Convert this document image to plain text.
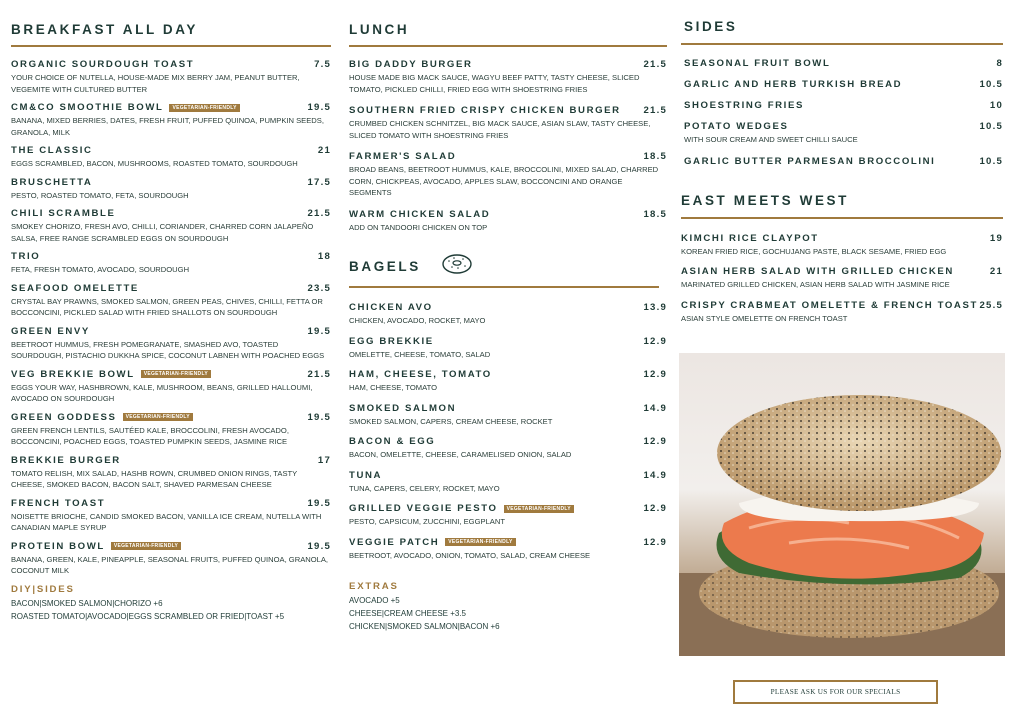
BREAKFAST ALL DAY
ORGANIC SOURDOUGH TOAST	7.5
YOUR CHOICE OF NUTELLA, HOUSE-MADE MIX BERRY JAM, PEANUT BUTTER, VEGEMITE WITH CULTURED BUTTER
CM&CO SMOOTHIE BOWL	VEGETARIAN-FRIENDLY	19.5
BANANA, MIXED BERRIES, DATES, FRESH FRUIT, PUFFED QUINOA, PUMPKIN SEEDS, GRANOLA, MILK
THE CLASSIC	21
EGGS SCRAMBLED, BACON, MUSHROOMS, ROASTED TOMATO, SOURDOUGH
BRUSCHETTA	17.5
PESTO, ROASTED TOMATO, FETA, SOURDOUGH
CHILI SCRAMBLE	21.5
SMOKEY CHORIZO, FRESH AVO, CHILLI, CORIANDER, CHARRED CORN JALAPEÑO SALSA, FREE RANGE SCRAMBLED EGGS ON SOURDOUGH
TRIO	18
FETA, FRESH TOMATO, AVOCADO, SOURDOUGH
SEAFOOD OMELETTE	23.5
CRYSTAL BAY PRAWNS, SMOKED SALMON, GREEN PEAS, CHIVES, CHILLI, FETTA OR BOCCONCINI, PICKLED SALAD WITH FRIED SHALLOTS ON SOURDOUGH
GREEN ENVY	19.5
BEETROOT HUMMUS, FRESH POMEGRANATE, SMASHED AVO, TOASTED SOURDOUGH, PISTACHIO DUKKHA SPICE, COCONUT LABNEH WITH POACHED EGGS
VEG BREKKIE BOWL	VEGETARIAN-FRIENDLY	21.5
EGGS YOUR WAY, HASHBROWN, KALE, MUSHROOM, BEANS, GRILLED HALLOUMI, AVOCADO ON SOURDOUGH
GREEN GODDESS	VEGETARIAN-FRIENDLY	19.5
GREEN FRENCH LENTILS, SAUTÉED KALE, BROCCOLINI, FRESH AVOCADO, BOCCONCINI, POACHED EGGS, TOASTED PUMPKIN SEEDS, JASMINE RICE
BREKKIE BURGER	17
TOMATO RELISH, MIX SALAD, HASHB ROWN, CRUMBED ONION RINGS, TASTY CHEESE, SMOKED BACON, BACON SALT, SHAVED PARMESAN CHEESE
FRENCH TOAST	19.5
NOISETTE BRIOCHE, CANDID SMOKED BACON, VANILLA ICE CREAM, NUTELLA WITH CANADIAN MAPLE SYRUP
PROTEIN BOWL	VEGETARIAN-FRIENDLY	19.5
BANANA, GREEN, KALE, PINEAPPLE, SEASONAL FRUITS, PUFFED QUINOA, GRANOLA, COCONUT MILK
DIY|SIDES
BACON|SMOKED SALMON|CHORIZO +6
ROASTED TOMATO|AVOCADO|EGGS SCRAMBLED OR FRIED|TOAST +5
LUNCH
BIG DADDY BURGER	21.5
HOUSE MADE BIG MACK SAUCE, WAGYU BEEF PATTY, TASTY CHEESE, SLICED TOMATO, PICKLED CHILLI, FRIED EGG WITH SHOESTRING FRIES
SOUTHERN FRIED CRISPY CHICKEN BURGER 21.5
CRUMBED CHICKEN SCHNITZEL, BIG MACK SAUCE, ASIAN SLAW, TASTY CHEESE, SLICED TOMATO WITH SHOESTRING FRIES
FARMER'S SALAD	18.5
BROAD BEANS, BEETROOT HUMMUS, KALE, BROCCOLINI, MIXED SALAD, CHARRED CORN, CHICKPEAS, AVOCADO, APPLES SLAW, BOCCONCINI AND ORANGE SEGMENTS
WARM CHICKEN SALAD	18.5
ADD ON TANDOORI CHICKEN ON TOP
BAGELS
CHICKEN AVO	13.9
CHICKEN, AVOCADO, ROCKET, MAYO
EGG BREKKIE	12.9
OMELETTE, CHEESE, TOMATO, SALAD
HAM, CHEESE, TOMATO	12.9
HAM, CHEESE, TOMATO
SMOKED SALMON	14.9
SMOKED SALMON, CAPERS, CREAM CHEESE, ROCKET
BACON & EGG	12.9
BACON, OMELETTE, CHEESE, CARAMELISED ONION, SALAD
TUNA	14.9
TUNA, CAPERS, CELERY, ROCKET, MAYO
GRILLED VEGGIE PESTO	VEGETARIAN-FRIENDLY	12.9
PESTO, CAPSICUM, ZUCCHINI, EGGPLANT
VEGGIE PATCH	VEGETARIAN-FRIENDLY	12.9
BEETROOT, AVOCADO, ONION, TOMATO, SALAD, CREAM CHEESE
EXTRAS
AVOCADO +5
CHEESE|CREAM CHEESE +3.5
CHICKEN|SMOKED SALMON|BACON +6
SIDES
SEASONAL FRUIT BOWL	8
GARLIC AND HERB TURKISH BREAD	10.5
SHOESTRING FRIES	10
POTATO WEDGES	10.5
WITH SOUR CREAM AND SWEET CHILLI SAUCE
GARLIC BUTTER PARMESAN BROCCOLINI	10.5
EAST MEETS WEST
KIMCHI RICE CLAYPOT	19
KOREAN FRIED RICE, GOCHUJANG PASTE, BLACK SESAME, FRIED EGG
ASIAN HERB SALAD WITH GRILLED CHICKEN	21
MARINATED GRILLED CHICKEN, ASIAN HERB SALAD WITH JASMINE RICE
CRISPY CRABMEAT OMELETTE & FRENCH TOAST 25.5
ASIAN STYLE OMELETTE ON FRENCH TOAST
PLEASE ASK US FOR OUR SPECIALS
